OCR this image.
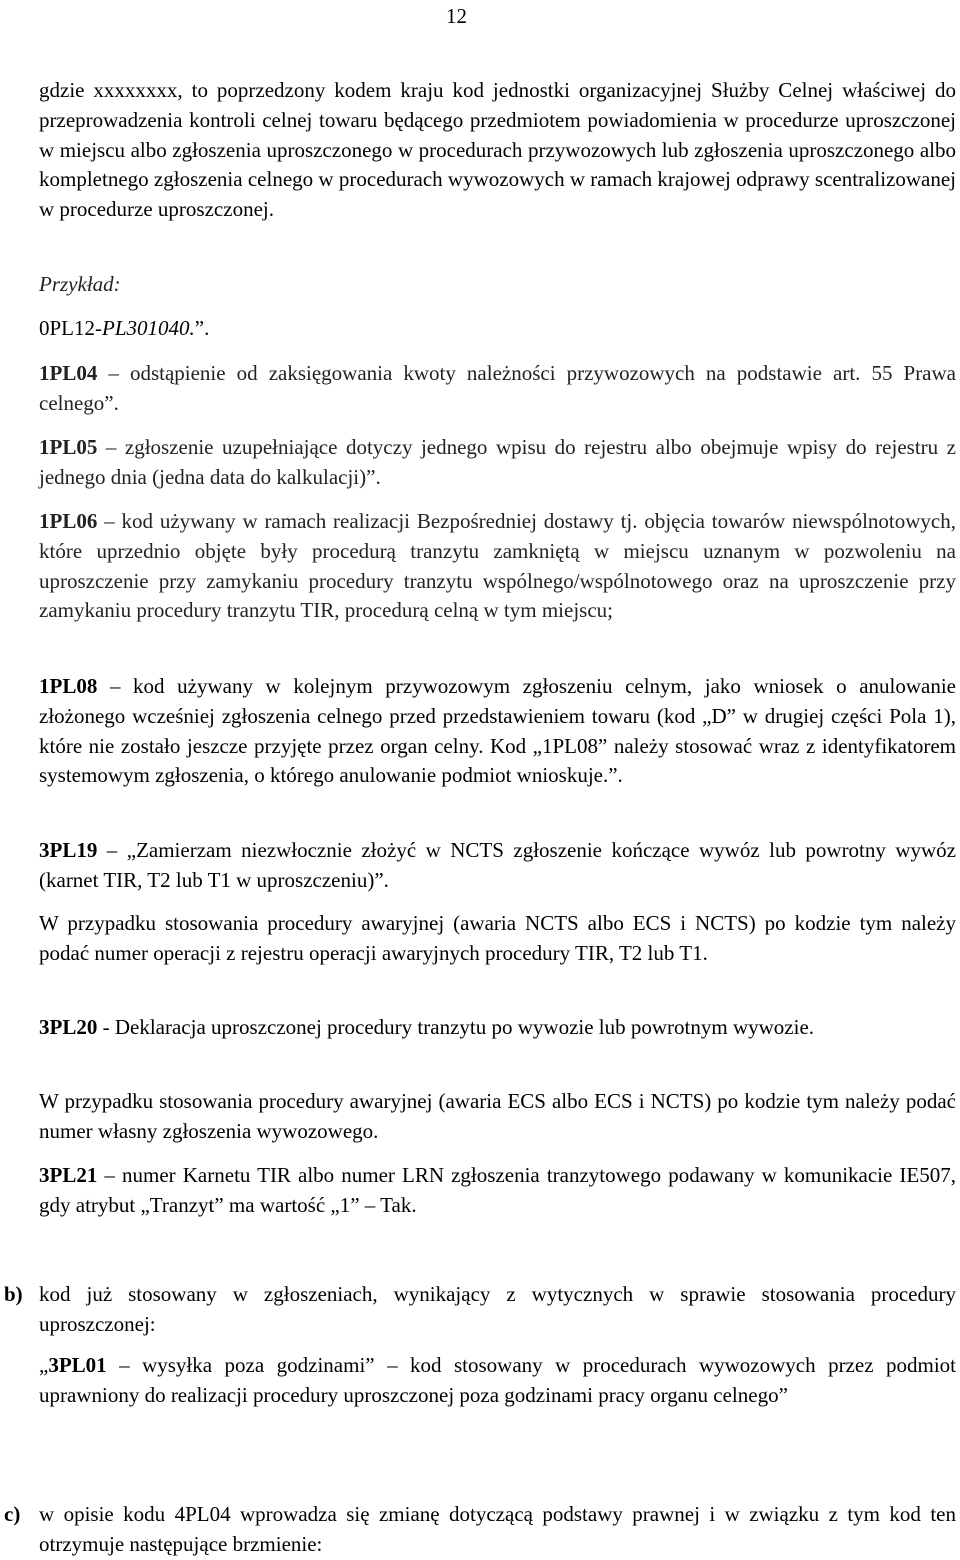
12

gdzie xxxxxxxx, to poprzedzony kodem kraju kod jednostki organizacyjnej Służby Celnej właściwej do przeprowadzenia kontroli celnej towaru będącego przedmiotem powiadomienia w procedurze uproszczonej w miejscu albo zgłoszenia uproszczonego w procedurach przywozowych lub zgłoszenia uproszczonego albo kompletnego zgłoszenia celnego w procedurach wywozowych w ramach krajowej odprawy scentralizowanej w procedurze uproszczonej.

Przykład:

0PL12-PL301040.”.

1PL04 – odstąpienie od zaksięgowania kwoty należności przywozowych na podstawie art. 55 Prawa celnego”.

1PL05 – zgłoszenie uzupełniające dotyczy jednego wpisu do rejestru albo obejmuje wpisy do rejestru z jednego dnia (jedna data do kalkulacji)”.

1PL06 – kod używany w ramach realizacji Bezpośredniej dostawy tj. objęcia towarów niewspólnotowych, które uprzednio objęte były procedurą tranzytu zamkniętą w miejscu uznanym w pozwoleniu na uproszczenie przy zamykaniu procedury tranzytu wspólnego/wspólnotowego oraz na uproszczenie przy zamykaniu procedury tranzytu TIR, procedurą celną w tym miejscu;

1PL08 – kod używany w kolejnym przywozowym zgłoszeniu celnym, jako wniosek o anulowanie złożonego wcześniej zgłoszenia celnego przed przedstawieniem towaru (kod „D” w drugiej części Pola 1), które nie zostało jeszcze przyjęte przez organ celny. Kod „1PL08” należy stosować wraz z identyfikatorem systemowym zgłoszenia, o którego anulowanie podmiot wnioskuje.”.

3PL19 – „Zamierzam niezwłocznie złożyć w NCTS zgłoszenie kończące wywóz lub powrotny wywóz (karnet TIR, T2 lub T1 w uproszczeniu)”.

W przypadku stosowania procedury awaryjnej (awaria NCTS albo ECS i NCTS) po kodzie tym należy podać numer operacji z rejestru operacji awaryjnych procedury TIR, T2 lub T1.

3PL20 - Deklaracja uproszczonej procedury tranzytu po wywozie lub powrotnym wywozie.

W przypadku stosowania procedury awaryjnej (awaria ECS albo ECS i NCTS) po kodzie tym należy podać numer własny zgłoszenia wywozowego.

3PL21 – numer Karnetu TIR albo numer LRN zgłoszenia tranzytowego podawany w komunikacie IE507, gdy atrybut „Tranzyt” ma wartość „1” – Tak.

b) kod już stosowany w zgłoszeniach, wynikający z wytycznych w sprawie stosowania procedury uproszczonej:

„3PL01 – wysyłka poza godzinami” – kod stosowany w procedurach wywozowych przez podmiot uprawniony do realizacji procedury uproszczonej poza godzinami pracy organu celnego”

c) w opisie kodu 4PL04 wprowadza się zmianę dotyczącą podstawy prawnej i w związku z tym kod ten otrzymuje następujące brzmienie:
